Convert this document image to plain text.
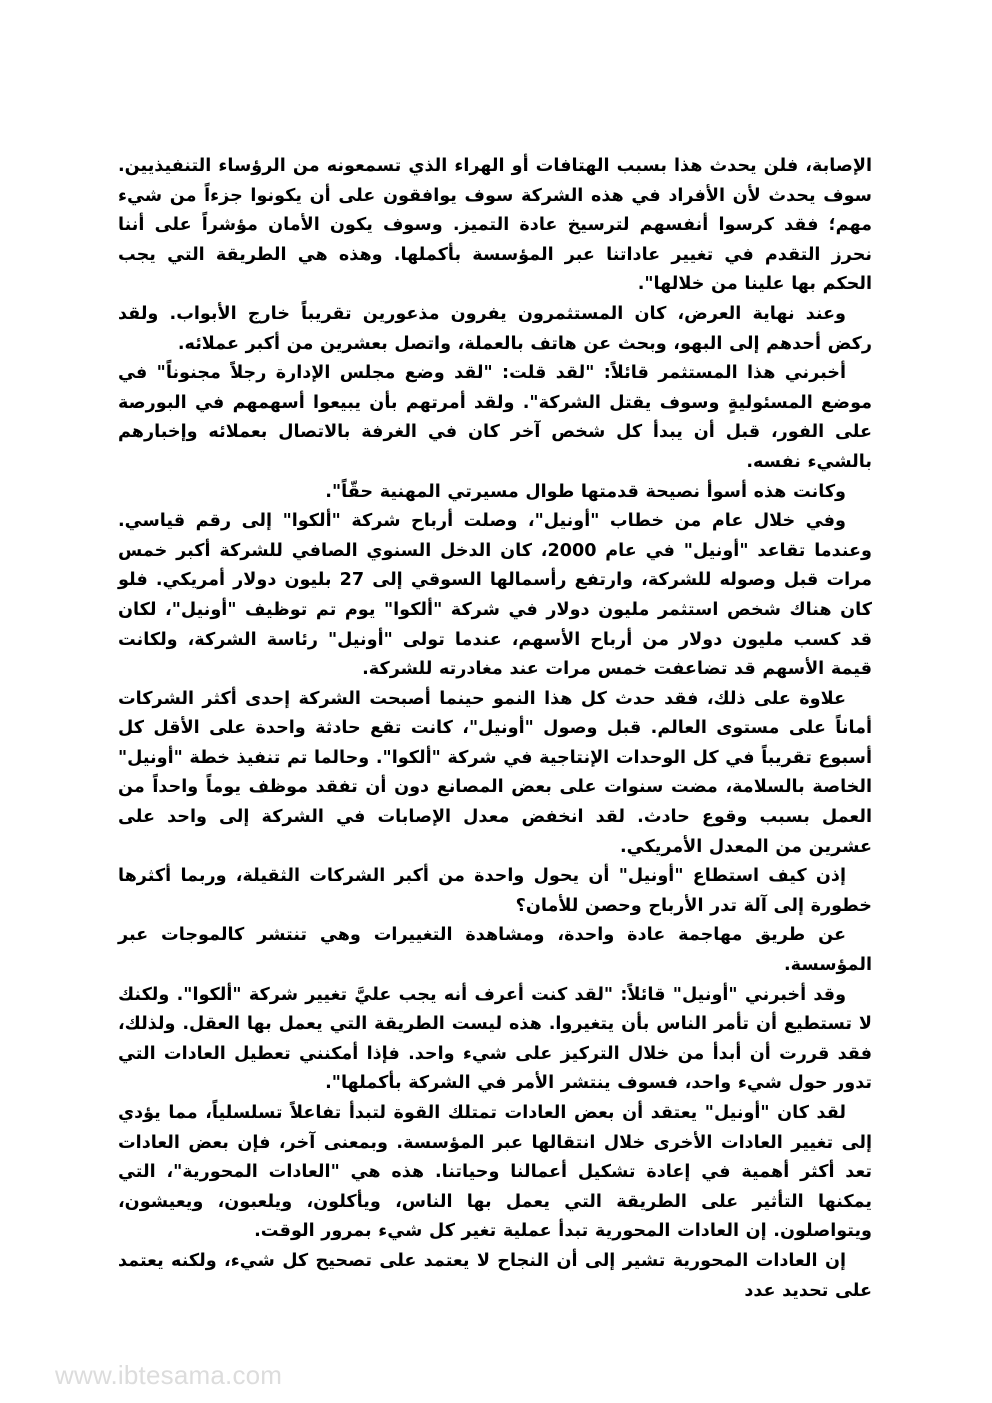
الإصابة، فلن يحدث هذا بسبب الهتافات أو الهراء الذي تسمعونه من الرؤساء التنفيذيين. سوف يحدث لأن الأفراد في هذه الشركة سوف يوافقون على أن يكونوا جزءاً من شيء مهم؛ فقد كرسوا أنفسهم لترسيخ عادة التميز. وسوف يكون الأمان مؤشراً على أننا نحرز التقدم في تغيير عاداتنا عبر المؤسسة بأكملها. وهذه هي الطريقة التي يجب الحكم بها علينا من خلالها".

وعند نهاية العرض، كان المستثمرون يفرون مذعورين تقريباً خارج الأبواب. ولقد ركض أحدهم إلى البهو، وبحث عن هاتف بالعملة، واتصل بعشرين من أكبر عملائه.

أخبرني هذا المستثمر قائلاً: "لقد قلت: "لقد وضع مجلس الإدارة رجلاً مجنوناً" في موضع المسئوليةٍ وسوف يقتل الشركة". ولقد أمرتهم بأن يبيعوا أسهمهم في البورصة على الفور، قبل أن يبدأ كل شخص آخر كان في الغرفة بالاتصال بعملائه وإخبارهم بالشيء نفسه.

وكانت هذه أسوأ نصيحة قدمتها طوال مسيرتي المهنية حقّاً".

وفي خلال عام من خطاب "أونيل"، وصلت أرباح شركة "ألكوا" إلى رقم قياسي. وعندما تقاعد "أونيل" في عام 2000، كان الدخل السنوي الصافي للشركة أكبر خمس مرات قبل وصوله للشركة، وارتفع رأسمالها السوقي إلى 27 بليون دولار أمريكي. فلو كان هناك شخص استثمر مليون دولار في شركة "ألكوا" يوم تم توظيف "أونيل"، لكان قد كسب مليون دولار من أرباح الأسهم، عندما تولى "أونيل" رئاسة الشركة، ولكانت قيمة الأسهم قد تضاعفت خمس مرات عند مغادرته للشركة.

علاوة على ذلك، فقد حدث كل هذا النمو حينما أصبحت الشركة إحدى أكثر الشركات أماناً على مستوى العالم. قبل وصول "أونيل"، كانت تقع حادثة واحدة على الأقل كل أسبوع تقريباً في كل الوحدات الإنتاجية في شركة "ألكوا". وحالما تم تنفيذ خطة "أونيل" الخاصة بالسلامة، مضت سنوات على بعض المصانع دون أن تفقد موظف يوماً واحداً من العمل بسبب وقوع حادث. لقد انخفض معدل الإصابات في الشركة إلى واحد على عشرين من المعدل الأمريكي.

إذن كيف استطاع "أونيل" أن يحول واحدة من أكبر الشركات الثقيلة، وربما أكثرها خطورة إلى آلة تدر الأرباح وحصن للأمان؟

عن طريق مهاجمة عادة واحدة، ومشاهدة التغييرات وهي تنتشر كالموجات عبر المؤسسة.

وقد أخبرني "أونيل" قائلاً: "لقد كنت أعرف أنه يجب عليَّ تغيير شركة "ألكوا". ولكنك لا تستطيع أن تأمر الناس بأن يتغيروا. هذه ليست الطريقة التي يعمل بها العقل. ولذلك، فقد قررت أن أبدأ من خلال التركيز على شيء واحد. فإذا أمكنني تعطيل العادات التي تدور حول شيء واحد، فسوف ينتشر الأمر في الشركة بأكملها".

لقد كان "أونيل" يعتقد أن بعض العادات تمتلك القوة لتبدأ تفاعلاً تسلسلياً، مما يؤدي إلى تغيير العادات الأخرى خلال انتقالها عبر المؤسسة. وبمعنى آخر، فإن بعض العادات تعد أكثر أهمية في إعادة تشكيل أعمالنا وحياتنا. هذه هي "العادات المحورية"، التي يمكنها التأثير على الطريقة التي يعمل بها الناس، ويأكلون، ويلعبون، ويعيشون، ويتواصلون. إن العادات المحورية تبدأ عملية تغير كل شيء بمرور الوقت.

إن العادات المحورية تشير إلى أن النجاح لا يعتمد على تصحيح كل شيء، ولكنه يعتمد على تحديد عدد

www.ibtesama.com
